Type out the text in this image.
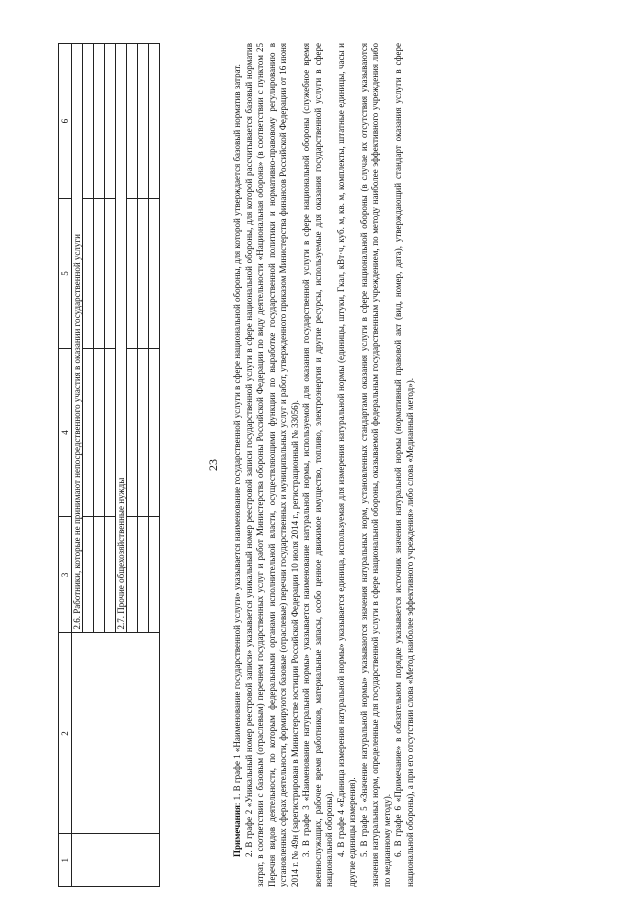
23
1	2	3	4	5	6
		2.6. Работники, которые не принимают непосредственного участия в оказании государственной услуги			

		2.7. Прочие общехозяйственные нужды			

Примечания: 1. В графе 1 «Наименование государственной услуги» указывается наименование государственной услуги в сфере национальной обороны, для которой утверждается базовый норматив затрат. 2. В графе 2 «Уникальный номер реестровой записи» указывается уникальный номер реестровой записи государственной услуги в сфере национальной обороны, для которой рассчитывается базовый норматив затрат, в соответствии с базовым (отраслевым) перечнем государственных услуг и работ Министерства обороны Российской Федерации по виду деятельности «Национальная оборона» (в соответствии с пунктом 25 Перечня видов деятельности, по которым федеральными органами исполнительной власти, осуществляющими функции по выработке государственной политики и нормативно-правовому регулированию в установленных сферах деятельности, формируются базовые (отраслевые) перечни государственных и муниципальных услуг и работ, утвержденного приказом Министерства финансов Российской Федерации от 16 июня 2014 г. № 49н (зарегистрирован в Министерстве юстиции Российской Федерации 10 июля 2014 г., регистрационный № 33056). 3. В графе 3 «Наименование натуральной нормы» указывается наименование натуральной нормы, используемой для оказания государственной услуги в сфере национальной обороны (служебное время военнослужащих, рабочее время работников, материальные запасы, особо ценное движимое имущество, топливо, электроэнергия и другие ресурсы, используемые для оказания государственной услуги в сфере национальной обороны). 4. В графе 4 «Единица измерения натуральной нормы» указывается единица, используемая для измерения натуральной нормы (единицы, штуки, Гкал, кВт·ч, куб. м, кв. м, комплекты, штатные единицы, часы и другие единицы измерения). 5. В графе 5 «Значение натуральной нормы» указываются значения натуральных норм, установленных стандартами оказания услуги в сфере национальной обороны (в случае их отсутствия указываются значения натуральных норм, определенные для государственной услуги в сфере национальной обороны, оказываемой федеральным государственным учреждением, по методу наиболее эффективного учреждения либо по медианному методу). 6. В графе 6 «Примечание» в обязательном порядке указывается источник значения натуральной нормы (нормативный правовой акт (вид, номер, дата), утверждающий стандарт оказания услуги в сфере национальной обороны), а при его отсутствии слова «Метод наиболее эффективного учреждения» либо слова «Медианный метод»).
